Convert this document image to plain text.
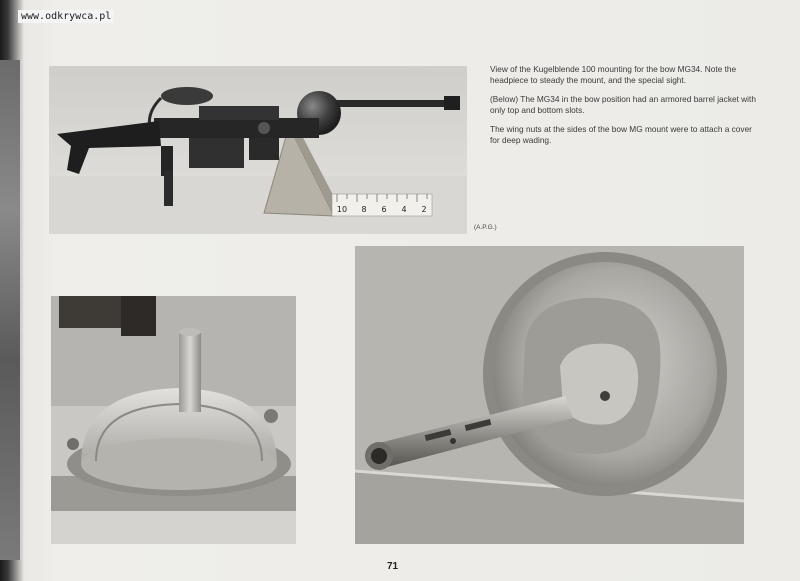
www.odkrywca.pl
10 8 6 4 2

View of the Kugelblende 100 mounting for the bow MG34. Note the headpiece to steady the mount, and the special sight.

(Below) The MG34 in the bow position had an armored barrel jacket with only top and bottom slots.

The wing nuts at the sides of the bow MG mount were to attach a cover for deep wading.

(A.P.G.)
71
